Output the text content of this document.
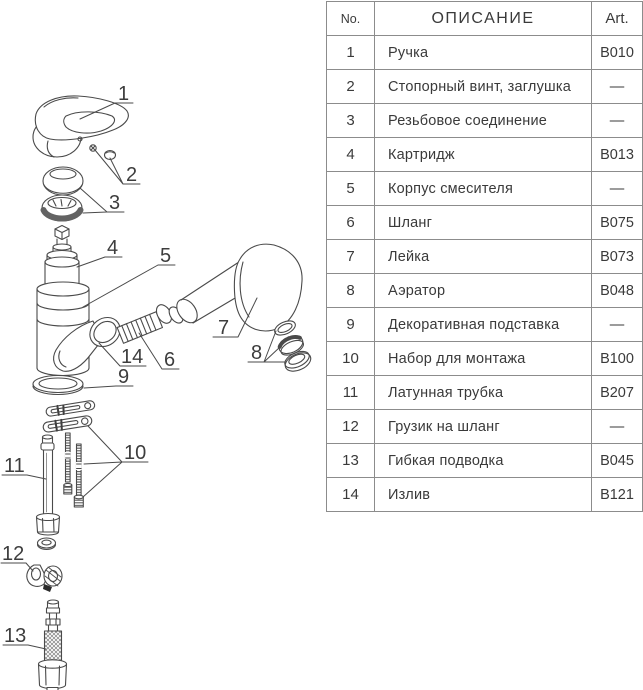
1
2
3
4 5
6
7
8
9
10
11
12
13
14
No.	ОПИСАНИЕ	Art.
1	Ручка	B010
2	Стопорный винт, заглушка	—
3	Резьбовое соединение	—
4	Картридж	B013
5	Корпус смесителя	—
6	Шланг	B075
7	Лейка	B073
8	Аэратор	B048
9	Декоративная подставка	—
10	Набор для монтажа	B100
11	Латунная трубка	B207
12	Грузик на шланг	—
13	Гибкая подводка	B045
14	Излив	B121
